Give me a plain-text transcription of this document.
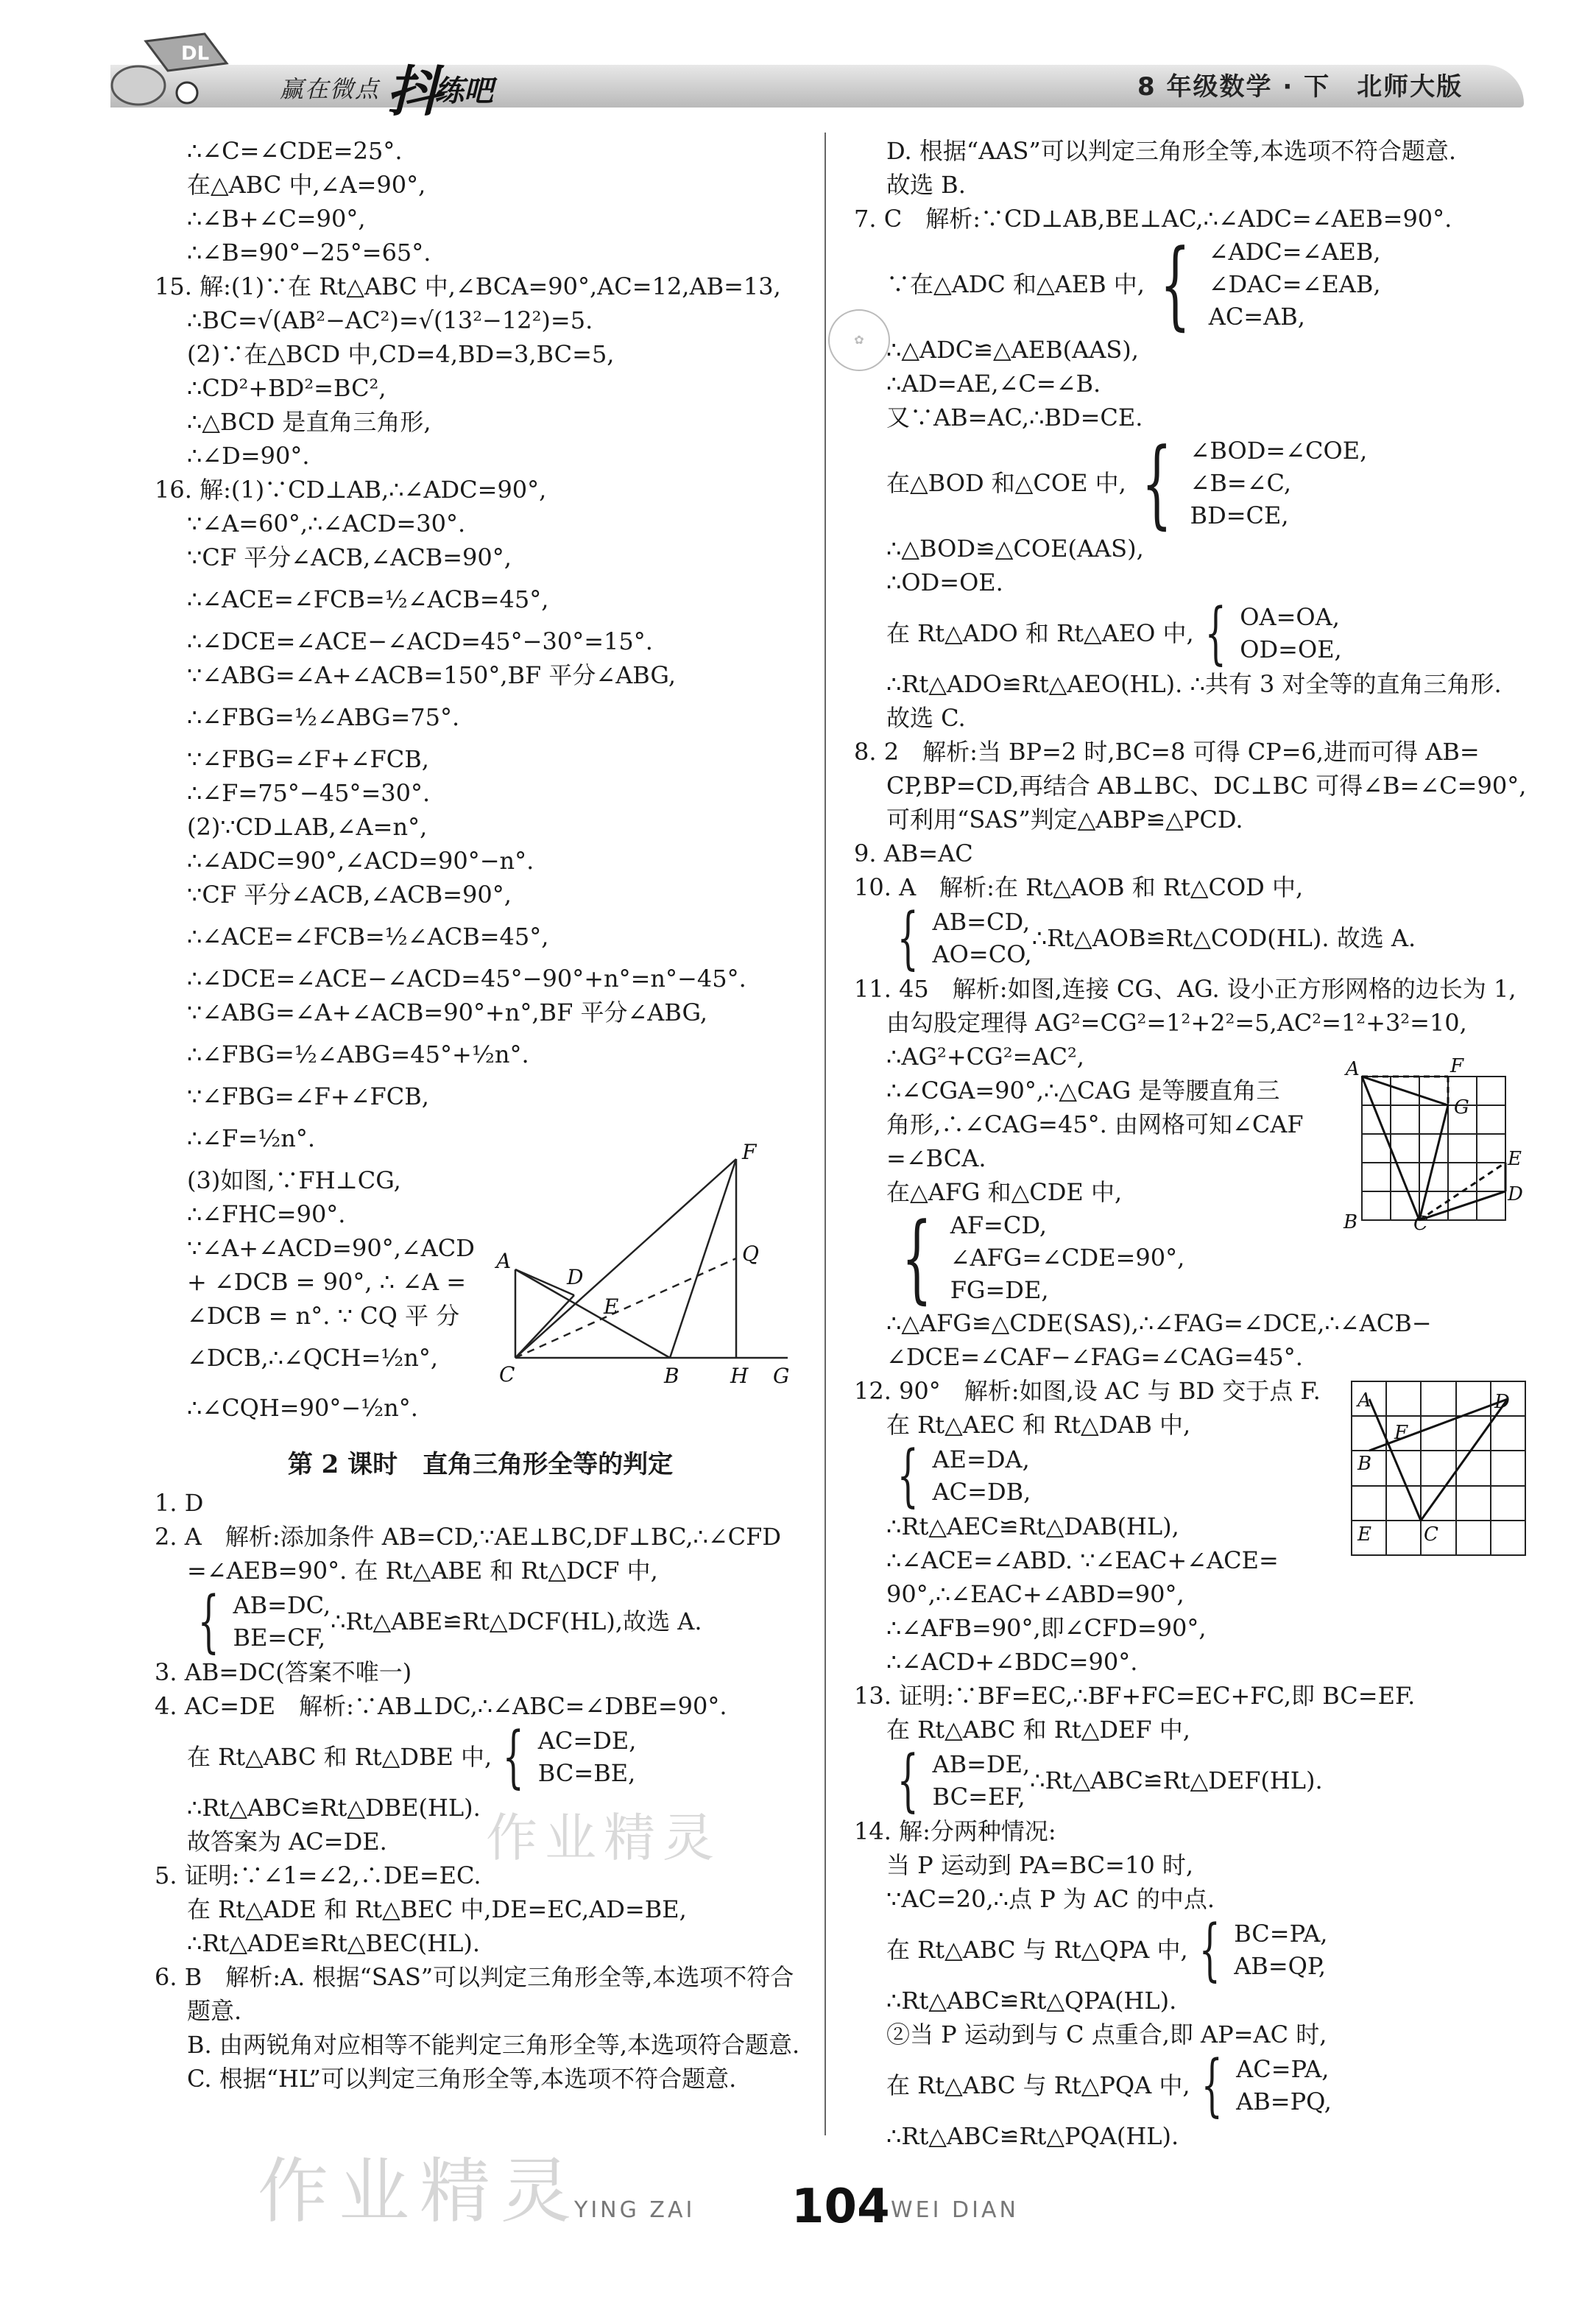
DL
赢在微点 抖
练吧	8 年级数学 · 下　北师大版
✿
∴∠C=∠CDE=25°.
在△ABC 中,∠A=90°,
∴∠B+∠C=90°,
∴∠B=90°−25°=65°.
15. 解:(1)∵在 Rt△ABC 中,∠BCA=90°,AC=12,AB=13,
∴BC=√(AB²−AC²)=√(13²−12²)=5.
(2)∵在△BCD 中,CD=4,BD=3,BC=5,
∴CD²+BD²=BC²,
∴△BCD 是直角三角形,
∴∠D=90°.
16. 解:(1)∵CD⊥AB,∴∠ADC=90°,
∵∠A=60°,∴∠ACD=30°.
∵CF 平分∠ACB,∠ACB=90°,
∴∠ACE=∠FCB=½∠ACB=45°,
∴∠DCE=∠ACE−∠ACD=45°−30°=15°.
∵∠ABG=∠A+∠ACB=150°,BF 平分∠ABG,
∴∠FBG=½∠ABG=75°.
∵∠FBG=∠F+∠FCB,
∴∠F=75°−45°=30°.
(2)∵CD⊥AB,∠A=n°,
∴∠ADC=90°,∠ACD=90°−n°.
∵CF 平分∠ACB,∠ACB=90°,
∴∠ACE=∠FCB=½∠ACB=45°,
∴∠DCE=∠ACE−∠ACD=45°−90°+n°=n°−45°.
∵∠ABG=∠A+∠ACB=90°+n°,BF 平分∠ABG,
∴∠FBG=½∠ABG=45°+½n°.
∵∠FBG=∠F+∠FCB,
∴∠F=½n°.
(3)如图,∵FH⊥CG,
∴∠FHC=90°.
∵∠A+∠ACD=90°,∠ACD
+ ∠DCB = 90°, ∴ ∠A =
∠DCB = n°. ∵ CQ 平 分
∠DCB,∴∠QCH=½n°,
∴∠CQH=90°−½n°.
A
D
E
F
Q
C	B H G
第 2 课时　直角三角形全等的判定
1. D
2. A　解析:添加条件 AB=CD,∵AE⊥BC,DF⊥BC,∴∠CFD
=∠AEB=90°. 在 Rt△ABE 和 Rt△DCF 中,
{ AB=DC,
BE=CF,
∴Rt△ABE≌Rt△DCF(HL),故选 A.
3. AB=DC(答案不唯一)
4. AC=DE　解析:∵AB⊥DC,∴∠ABC=∠DBE=90°.
在 Rt△ABC 和 Rt△DBE 中, { AC=DE,
BC=BE,
∴Rt△ABC≌Rt△DBE(HL).
故答案为 AC=DE.
5. 证明:∵∠1=∠2,∴DE=EC.
在 Rt△ADE 和 Rt△BEC 中,DE=EC,AD=BE,
∴Rt△ADE≌Rt△BEC(HL).
6. B　解析:A. 根据“SAS”可以判定三角形全等,本选项不符合
题意.
B. 由两锐角对应相等不能判定三角形全等,本选项符合题意.
C. 根据“HL”可以判定三角形全等,本选项不符合题意.
D. 根据“AAS”可以判定三角形全等,本选项不符合题意.
故选 B.
7. C　解析:∵CD⊥AB,BE⊥AC,∴∠ADC=∠AEB=90°.
∵在△ADC 和△AEB 中, { ∠ADC=∠AEB,
∠DAC=∠EAB,
AC=AB,
∴△ADC≌△AEB(AAS),
∴AD=AE,∠C=∠B.
又∵AB=AC,∴BD=CE.
在△BOD 和△COE 中, { ∠BOD=∠COE,
∠B=∠C,
BD=CE,
∴△BOD≌△COE(AAS),
∴OD=OE.
在 Rt△ADO 和 Rt△AEO 中, { OA=OA,
OD=OE,
∴Rt△ADO≌Rt△AEO(HL). ∴共有 3 对全等的直角三角形.
故选 C.
8. 2　解析:当 BP=2 时,BC=8 可得 CP=6,进而可得 AB=
CP,BP=CD,再结合 AB⊥BC、DC⊥BC 可得∠B=∠C=90°,
可利用“SAS”判定△ABP≌△PCD.
9. AB=AC
10. A　解析:在 Rt△AOB 和 Rt△COD 中,
{ AB=CD,
AO=CO,
∴Rt△AOB≌Rt△COD(HL). 故选 A.
11. 45　解析:如图,连接 CG、AG. 设小正方形网格的边长为 1,
由勾股定理得 AG²=CG²=1²+2²=5,AC²=1²+3²=10,
∴AG²+CG²=AC²,
∴∠CGA=90°,∴△CAG 是等腰直角三
角形,∴∠CAG=45°. 由网格可知∠CAF
=∠BCA.
在△AFG 和△CDE 中,
{ AF=CD,
∠AFG=∠CDE=90°,
FG=DE,
A	F
G
E
B	C
D
∴△AFG≌△CDE(SAS),∴∠FAG=∠DCE,∴∠ACB−
∠DCE=∠CAF−∠FAG=∠CAG=45°.
12. 90°　解析:如图,设 AC 与 BD 交于点 F.
在 Rt△AEC 和 Rt△DAB 中,
{ AE=DA,
AC=DB,
∴Rt△AEC≌Rt△DAB(HL),
∴∠ACE=∠ABD. ∵∠EAC+∠ACE=
90°,∴∠EAC+∠ABD=90°,
∴∠AFB=90°,即∠CFD=90°,
∴∠ACD+∠BDC=90°.
A	D
F
B
E	C
13. 证明:∵BF=EC,∴BF+FC=EC+FC,即 BC=EF.
在 Rt△ABC 和 Rt△DEF 中,
{ AB=DE,
BC=EF,
∴Rt△ABC≌Rt△DEF(HL).
14. 解:分两种情况:
当 P 运动到 PA=BC=10 时,
∵AC=20,∴点 P 为 AC 的中点.
在 Rt△ABC 与 Rt△QPA 中, { BC=PA,
AB=QP,
∴Rt△ABC≌Rt△QPA(HL).
②当 P 运动到与 C 点重合,即 AP=AC 时,
在 Rt△ABC 与 Rt△PQA 中, { AC=PA,
AB=PQ,
∴Rt△ABC≌Rt△PQA(HL).
作业精灵
作业精灵
YING ZAI 104 WEI DIAN
